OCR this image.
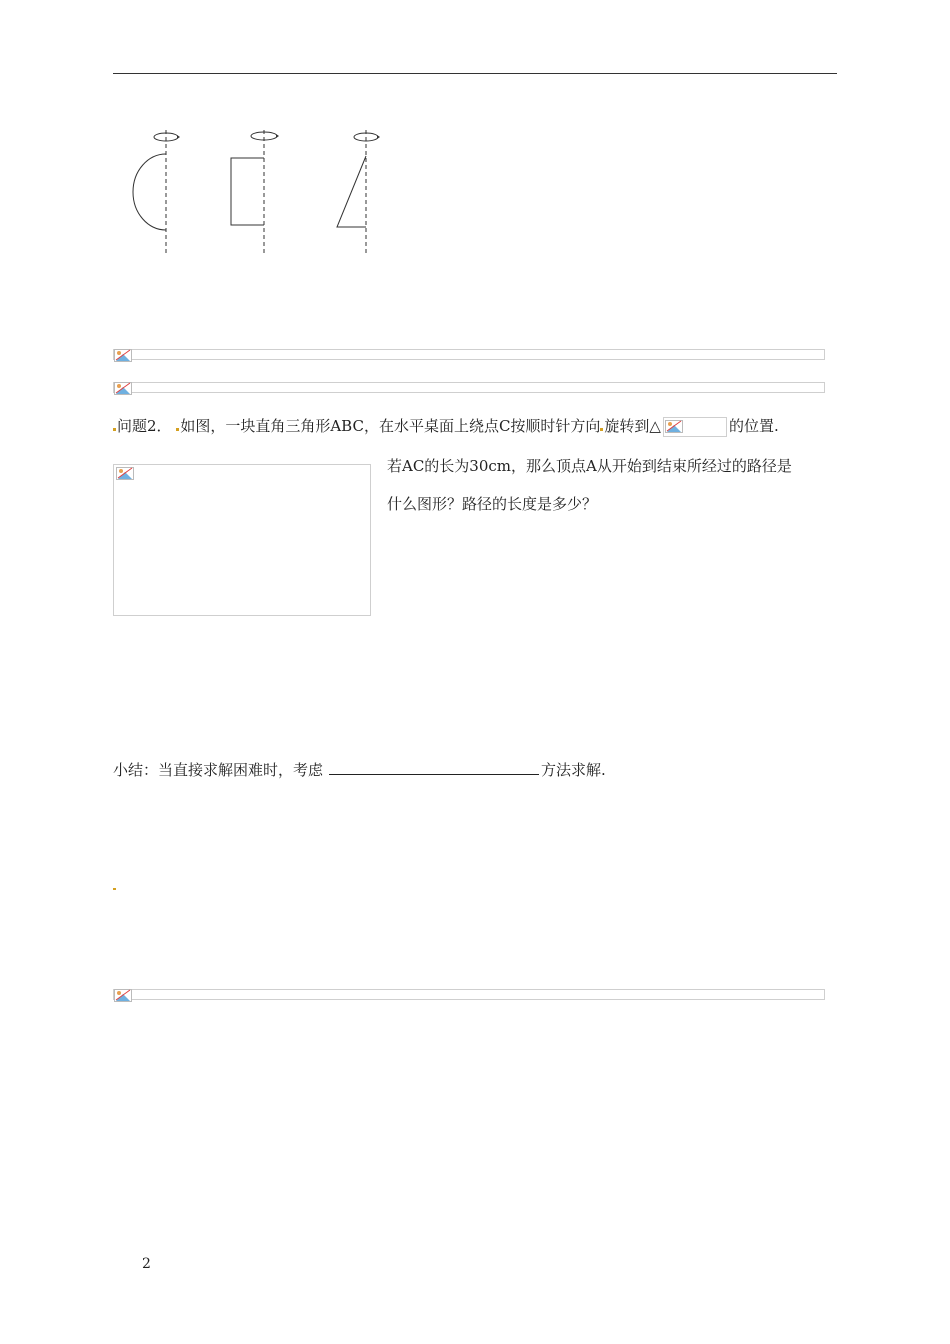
问题2． 如图，一块直角三角形ABC，在水平桌面上绕点C按顺时针方向 旋转到△	的位置.
若AC的长为30cm，那么顶点A从开始到结束所经过的路径是
什么图形？路径的长度是多少？
小结：当直接求解困难时，考虑	方法求解.
2
